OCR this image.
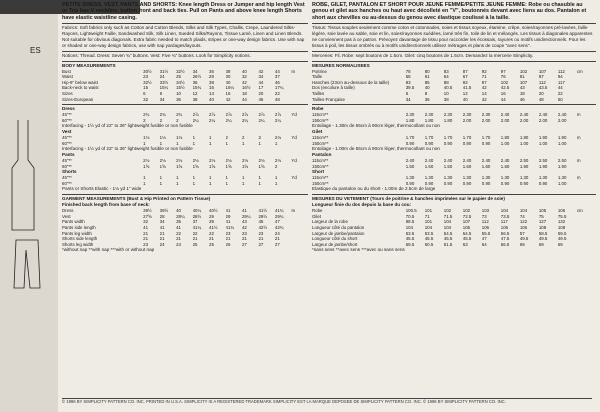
ES
PETITE DRESS, VEST, PANTS AND SHORTS: Knee length Dress or Jumper and hip length Vest or Top has V neckline, button front and back ties. Pull on Pants and above knee length Shorts have elastic waistline casing.
Fabrics: Soft fabrics only such as Cotton and Cotton Blends, Silks and Silk Types, Challis, Crepe, Laundered Silks-Rayons, Lightweight Faille, Sandwashed Silk, Silk Linen, Sueded Silks/Rayons, Tissue Lamé, Linen and Linen Blends. Not suitable for obvious diagonals. Extra fabric needed to match plaids, stripes or one-way design fabrics. Use with nap or shaded or one-way design fabrics, use with nap yardages/layouts.
Notions: Thread. Dress: Seven ¾" buttons. Vest: Five ¾" buttons. Look for Simplicity notions.
BODY MEASUREMENTS
Bust	30½	31½	32½	34	36	38	40	42	44	In
Waist	23	24	25	26½	28	30	32	34	37	
Hip-9" below waist	32½	33½	34½	36	38	40	42	44	46	
Back-neck to waist	15	15¼	15½	15¾	16	16¼	16½	17	17¼	
Sizes	6	8	10	12	14	16	18	20	22	
Sizes-European	32	34	36	38	40	42	44	46	48	
Dress
45"**	2¾	2¾	2¾	2⅞	2⅞	2⅞	2⅞	2⅞	2⅞	Yd
60"**	2	2	2	2¼	2¼	2¼	2¼	2¼	2¼	
Interfacing - 1½ yd of 22" to 36" lightweight fusible or non fusible
Vest
45"**	1⅛	1⅛	1⅛	1	1	2	2	2	2⅛	Yd
60"**	1	1	1	1	1	1	1	1	1	
Interfacing - 1½ yd of 22" to 36" lightweight fusible or non fusible
Pants
45"**	2⅛	2⅛	2⅛	2⅛	2⅛	2⅛	2⅛	2⅛	2⅛	Yd
60"**	1⅝	1⅝	1⅝	1⅝	1⅝	1⅝	1⅝	1⅝	2	
Shorts
45"**	1	1	1	1	1	1	1	1	1	Yd
60"**	1	1	1	1	1	1	1	1	1	
Pants or Shorts Elastic - 1⅛ yd 1" wide
GARMENT MEASUREMENTS (Bust & Hip Printed on Pattern Tissue)
Finished back length from base of neck:
Dress	39½	39½	40	40¼	40½	41	41	41½	41¾	In
Vest	27⅝	28	28¼	28½	29	29	29¼	29½	29¾	
Pants width	32	34	35	37	39	41	43	45	47	
Pants side length	41	41	41	41¼	41½	41¾	42	42½	42¾	
Pants leg width	21	21	22	22	22	23	23	23	24	
Shorts side length	21	21	21	21	21	21	21	21	21	
Shorts leg width	23	24	24	25	25	26	27	27	27	
*without nap **with nap ***with or without nap
ROBE, GILET, PANTALON ET SHORT POUR JEUNE FEMME/PETITE JEUNE FEMME: Robe ou chasuble au genou et gilet aux hanches ou haut avec décolleté en "V", boutonnés devant avec liens au dos. Pantalon et short aux chevilles ou au-dessus du genou avec élastique coulissé à la taille.
Tissus: Tissus souples seulement comme coton et cotonnades, soies et tissus soyeux, étamine, crêpe, soies/rayonnes pré-lavées, faille légère, soie lavée au sable, soie et lin, soies/rayonnes suédées, lamé très fin, toile de lin et mélangés. Les tissus à diagonales apparentes ne conviennent pas à ce patron. Prévoyez davantage de tissu pour raccorder les écossais, rayures ou motifs unidirectionnels. Pour les tissus à poil, les tissus ombrés ou à motifs unidirectionnels utilisez métrages et plans de coupe "avec sens".
Merceries: Fil. Robe: sept boutons de 1.5cm. Gilet: cinq boutons de 1.5cm. Demandez la mercerie Simplicity.
MESURES NORMALISEES
Poitrine	78	80	83	87	92	97	102	107	112	cm
Taille	58	61	64	67	71	76	81	87	94	
Hanches (23cm au-dessous de la taille)	83	85	88	92	97	102	107	112	117	
Dos (encolure à taille)	39.5	40	40.5	41.5	42	42.5	43	43.5	44	
Tailles	6	8	10	12	14	16	18	20	22	
Tailles-Française	34	36	38	40	42	44	46	48	50	
Robe
115cm**	2.30	2.30	2.30	2.30	2.30	2.40	2.40	2.40	2.40	m
150cm**	1.80	1.80	1.80	2.00	2.00	2.00	2.00	2.00	2.00	
Entoilage - 1.30m de 55cm à 90cm léger, thermocollant ou non
Gilet
115cm**	1.70	1.70	1.70	1.70	1.70	1.80	1.80	1.90	1.90	m
150cm**	0.90	0.90	0.90	0.90	0.90	1.00	1.00	1.00	1.00	
Entoilage - 1.00m de 55cm à 90cm léger, thermocollant ou non
Pantalon
115cm**	2.40	2.40	2.40	2.40	2.40	2.40	2.50	2.50	2.50	m
150cm**	1.50	1.50	1.50	1.60	1.60	1.60	1.90	1.90	1.90	
Short
115cm**	1.30	1.30	1.30	1.30	1.30	1.30	1.30	1.30	1.30	m
150cm**	0.90	0.90	0.90	0.90	0.90	0.90	0.90	0.90	1.00	
Elastique du pantalon ou du short - 1.00m de 2.5cm de large
MESURES DU VETEMENT (Tours de poitrine & hanches imprimées sur le papier de soie)
Longueur finie du dos depuis la base du cou:
Robe	100.5	101	102	102	103	104	104	105	106	cm
Gilet	70.5	71	71.5	72.5	73	73.5	74	75	75.5	
Largeur de la robe	98.5	101	104	107	112	117	122	127	132	
Longueur côté du pantalon	104	104	104	105	106	106	106	108	108	
Largeur de jambe/pantalon	53.5	53.5	54.5	54.5	55.5	56.5	57	58.5	59.5	
Longueur côté du short	45.5	45.5	45.5	45.5	47	47.5	49.5	49.5	49.5	
Largeur de jambe/short	59.5	60.5	61.5	63	64	66.5	69	69	69	
*sans sens **avec sens ***avec ou sans sens
© 1996 BY SIMPLICITY PATTERN CO. INC. PRINTED IN U.S.A. SIMPLICITY IS A REGISTERED TRADEMARK SIMPLICITY EST LA MARQUE DEPOSEE DE SIMPLICITY PATTERN CO. INC. © 1996 BY SIMPLICITY PATTERN CO. INC.
